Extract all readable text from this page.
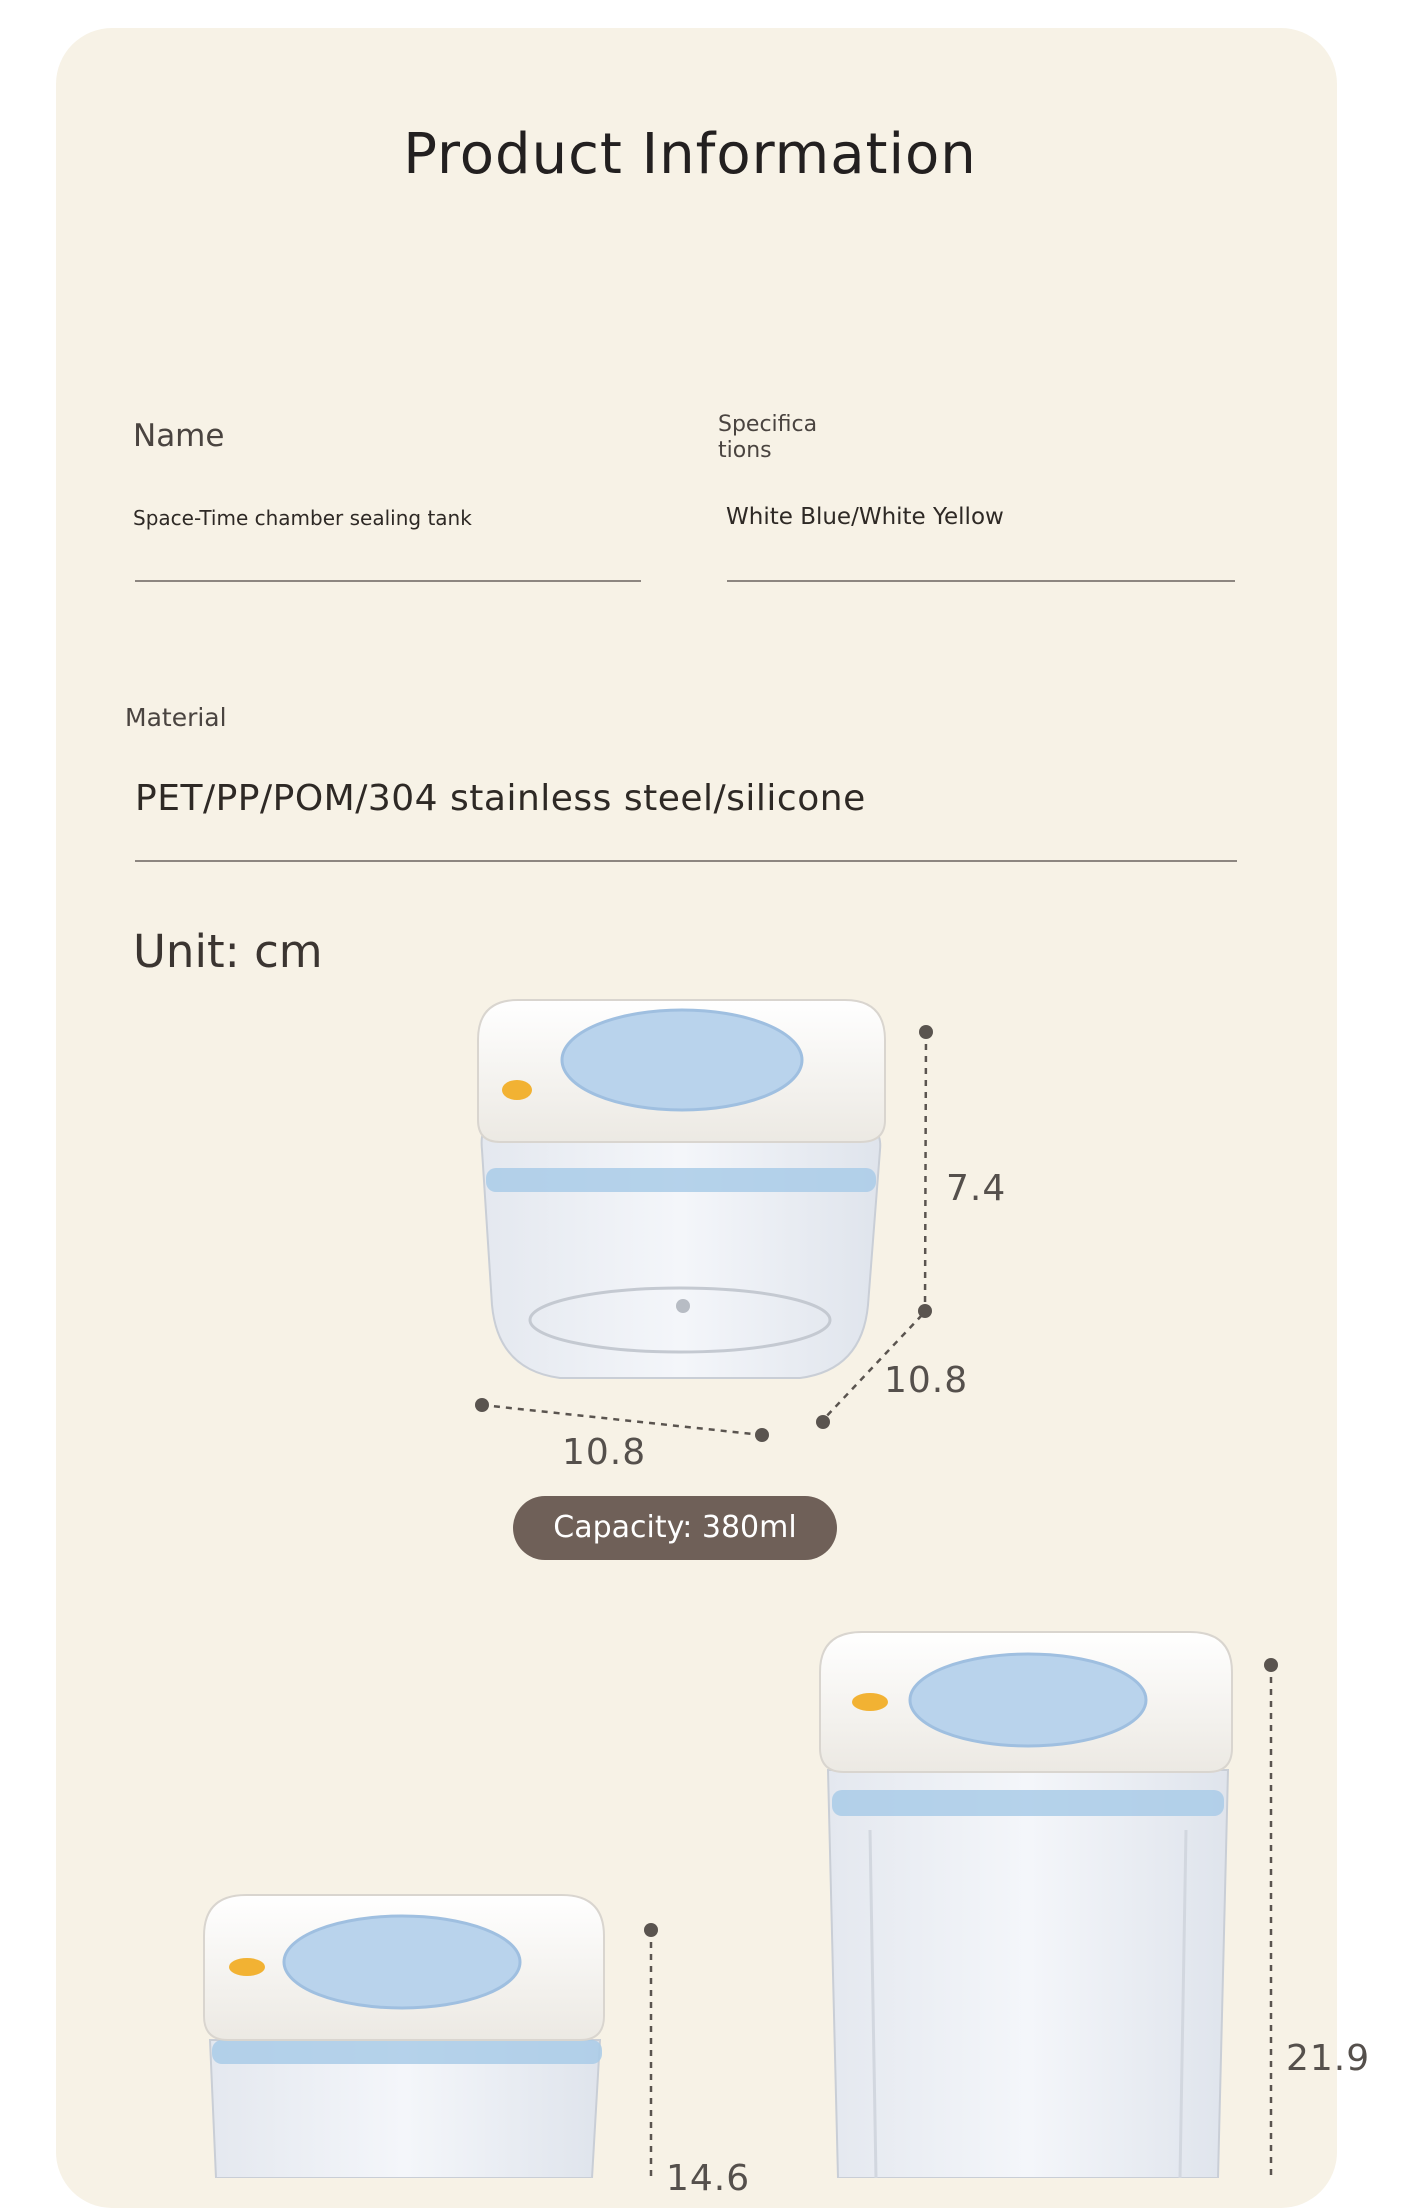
Product Information
Name	Specifica
tions
Space-Time chamber sealing tank	White Blue/White Yellow
Material
PET/PP/POM/304 stainless steel/silicone
Unit: cm
7.4
10.8
10.8
Capacity: 380ml
14.6
21.9
